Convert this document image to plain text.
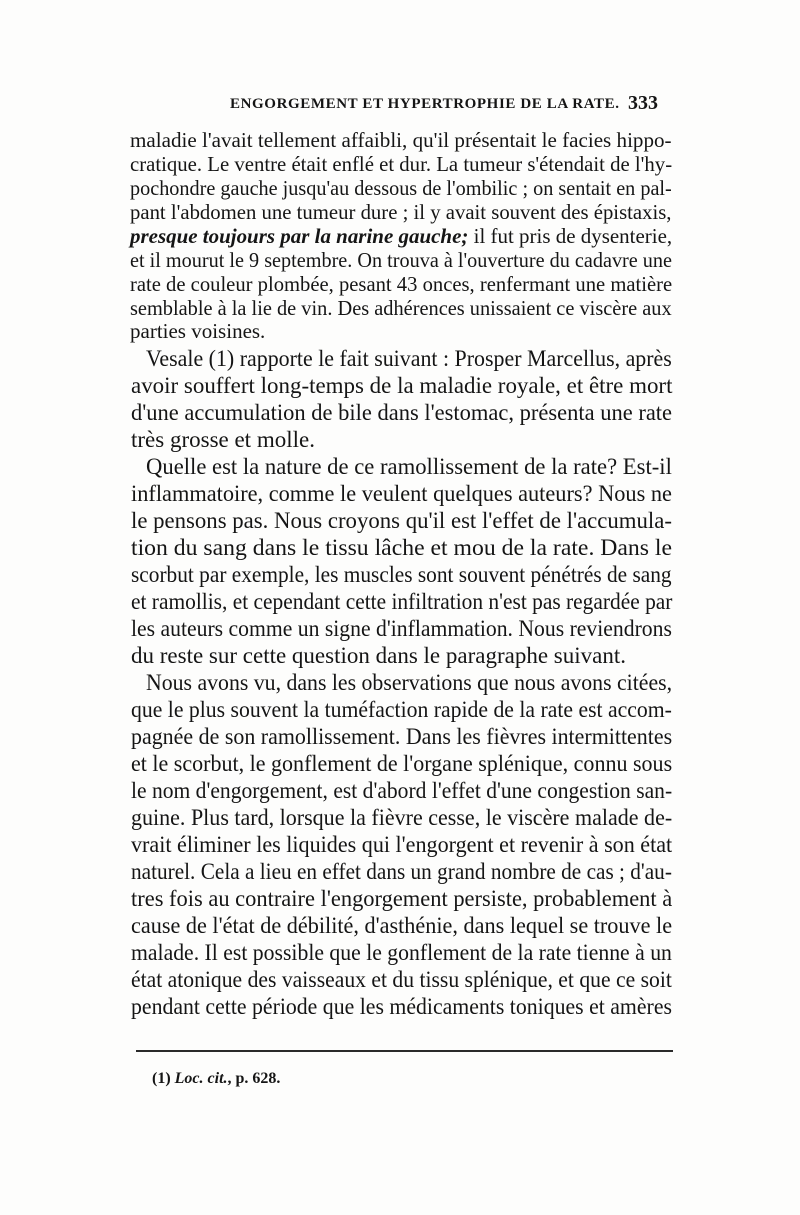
ENGORGEMENT ET HYPERTROPHIE DE LA RATE. 333
maladie l'avait tellement affaibli, qu'il présentait le facies hippo-
cratique. Le ventre était enflé et dur. La tumeur s'étendait de l'hy-
pochondre gauche jusqu'au dessous de l'ombilic ; on sentait en pal-
pant l'abdomen une tumeur dure ; il y avait souvent des épistaxis,
presque toujours par la narine gauche; il fut pris de dysenterie,
et il mourut le 9 septembre. On trouva à l'ouverture du cadavre une
rate de couleur plombée, pesant 43 onces, renfermant une matière
semblable à la lie de vin. Des adhérences unissaient ce viscère aux
parties voisines.
Vesale (1) rapporte le fait suivant : Prosper Marcellus, après
avoir souffert long-temps de la maladie royale, et être mort
d'une accumulation de bile dans l'estomac, présenta une rate
très grosse et molle.
Quelle est la nature de ce ramollissement de la rate? Est-il
inflammatoire, comme le veulent quelques auteurs? Nous ne
le pensons pas. Nous croyons qu'il est l'effet de l'accumula-
tion du sang dans le tissu lâche et mou de la rate. Dans le
scorbut par exemple, les muscles sont souvent pénétrés de sang
et ramollis, et cependant cette infiltration n'est pas regardée par
les auteurs comme un signe d'inflammation. Nous reviendrons
du reste sur cette question dans le paragraphe suivant.
Nous avons vu, dans les observations que nous avons citées,
que le plus souvent la tuméfaction rapide de la rate est accom-
pagnée de son ramollissement. Dans les fièvres intermittentes
et le scorbut, le gonflement de l'organe splénique, connu sous
le nom d'engorgement, est d'abord l'effet d'une congestion san-
guine. Plus tard, lorsque la fièvre cesse, le viscère malade de-
vrait éliminer les liquides qui l'engorgent et revenir à son état
naturel. Cela a lieu en effet dans un grand nombre de cas ; d'au-
tres fois au contraire l'engorgement persiste, probablement à
cause de l'état de débilité, d'asthénie, dans lequel se trouve le
malade. Il est possible que le gonflement de la rate tienne à un
état atonique des vaisseaux et du tissu splénique, et que ce soit
pendant cette période que les médicaments toniques et amères
(1) Loc. cit., p. 628.
